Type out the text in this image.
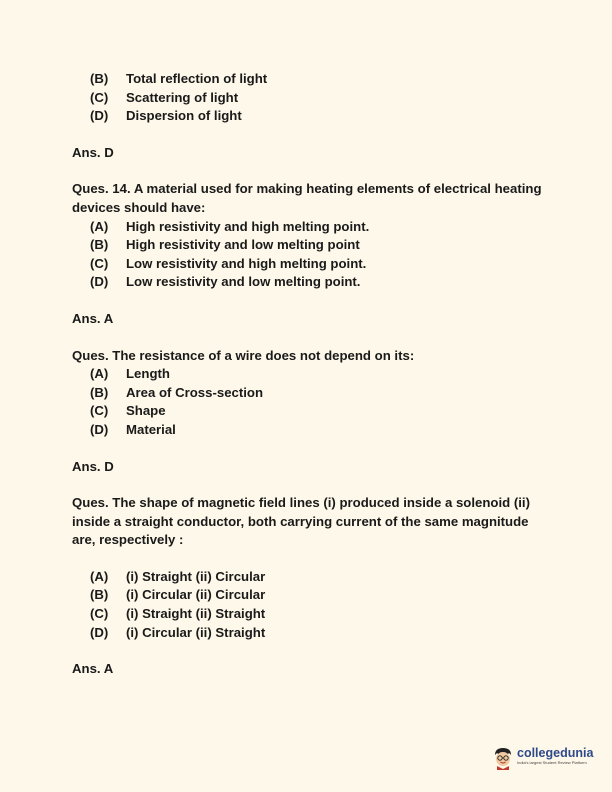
(B)	Total reflection of light
(C)	Scattering of light
(D)	Dispersion of light
Ans. D
Ques. 14. A material used for making heating elements of electrical heating devices should have:
(A)	High resistivity and high melting point.
(B)	High resistivity and low melting point
(C)	Low resistivity and high melting point.
(D)	Low resistivity and low melting point.
Ans. A
Ques. The resistance of a wire does not depend on its:
(A)	Length
(B)	Area of Cross-section
(C)	Shape
(D)	Material
Ans. D
Ques. The shape of magnetic field lines (i) produced inside a solenoid (ii) inside a straight conductor, both carrying current of the same magnitude are, respectively :
(A)	(i) Straight (ii) Circular
(B)	(i) Circular (ii) Circular
(C)	(i) Straight (ii) Straight
(D)	(i) Circular (ii) Straight
Ans. A
collegedunia
India's largest Student Review Platform
